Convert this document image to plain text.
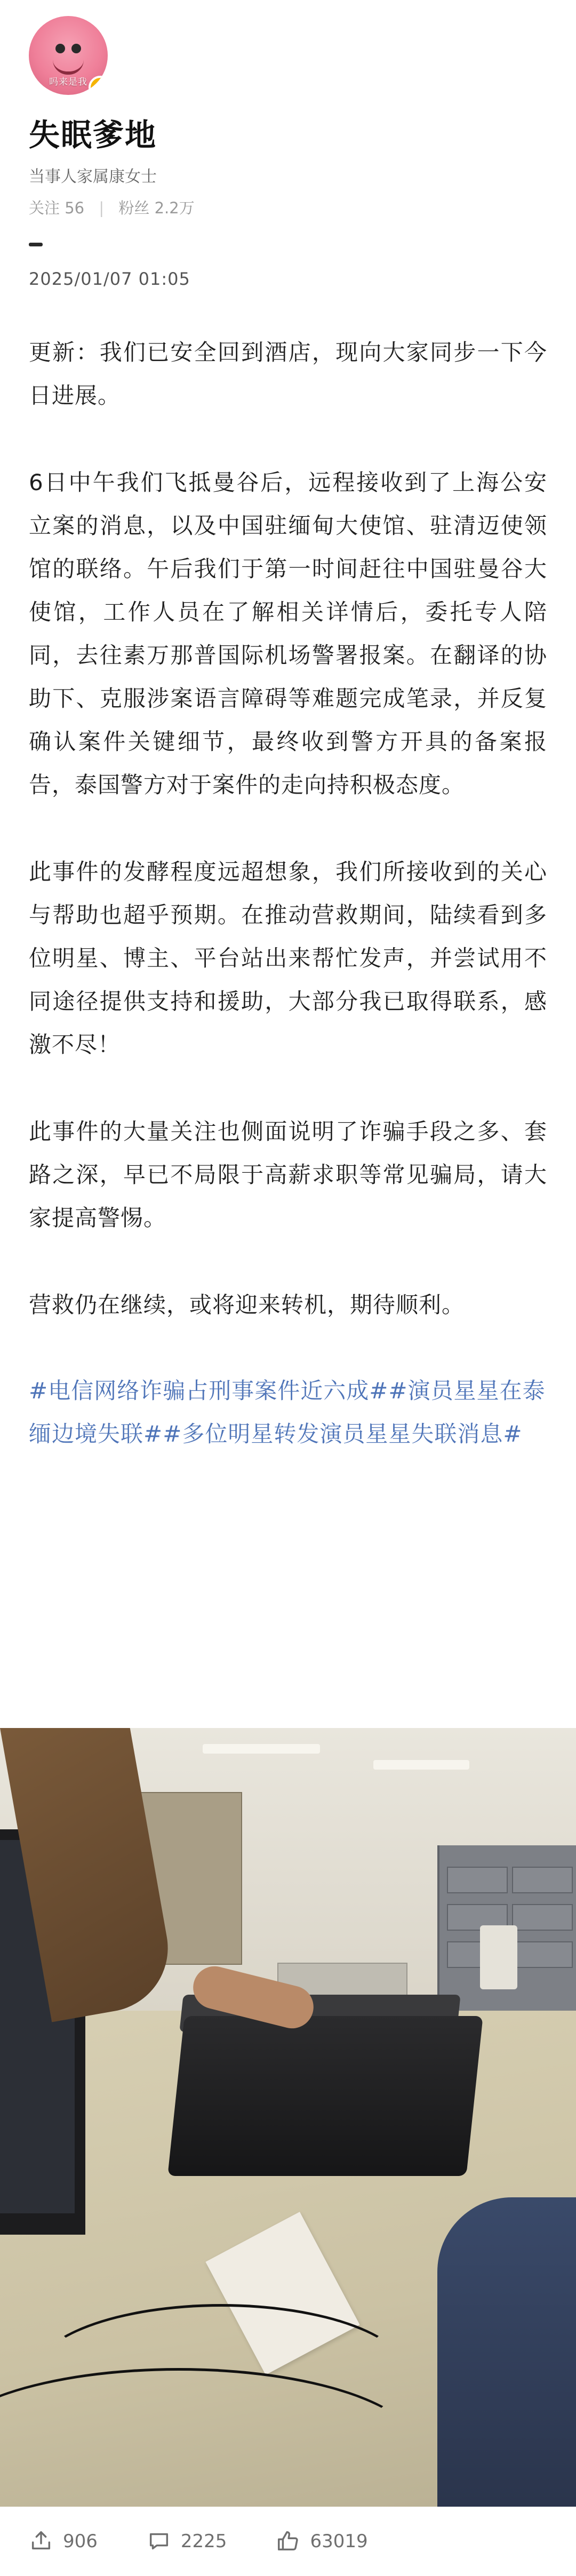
吗来是我 ✓
失眠爹地
当事人家属康女士
关注 56 | 粉丝 2.2万
2025/01/07 01:05

更新：我们已安全回到酒店，现向大家同步一下今日进展。

6日中午我们飞抵曼谷后，远程接收到了上海公安立案的消息，以及中国驻缅甸大使馆、驻清迈使领馆的联络。午后我们于第一时间赶往中国驻曼谷大使馆，工作人员在了解相关详情后，委托专人陪同，去往素万那普国际机场警署报案。在翻译的协助下、克服涉案语言障碍等难题完成笔录，并反复确认案件关键细节，最终收到警方开具的备案报告，泰国警方对于案件的走向持积极态度。

此事件的发酵程度远超想象，我们所接收到的关心与帮助也超乎预期。在推动营救期间，陆续看到多位明星、博主、平台站出来帮忙发声，并尝试用不同途径提供支持和援助，大部分我已取得联系，感激不尽！

此事件的大量关注也侧面说明了诈骗手段之多、套路之深，早已不局限于高薪求职等常见骗局，请大家提高警惕。

营救仍在继续，或将迎来转机，期待顺利。

#电信网络诈骗占刑事案件近六成##演员星星在泰缅边境失联##多位明星转发演员星星失联消息#

906	2225	63019
